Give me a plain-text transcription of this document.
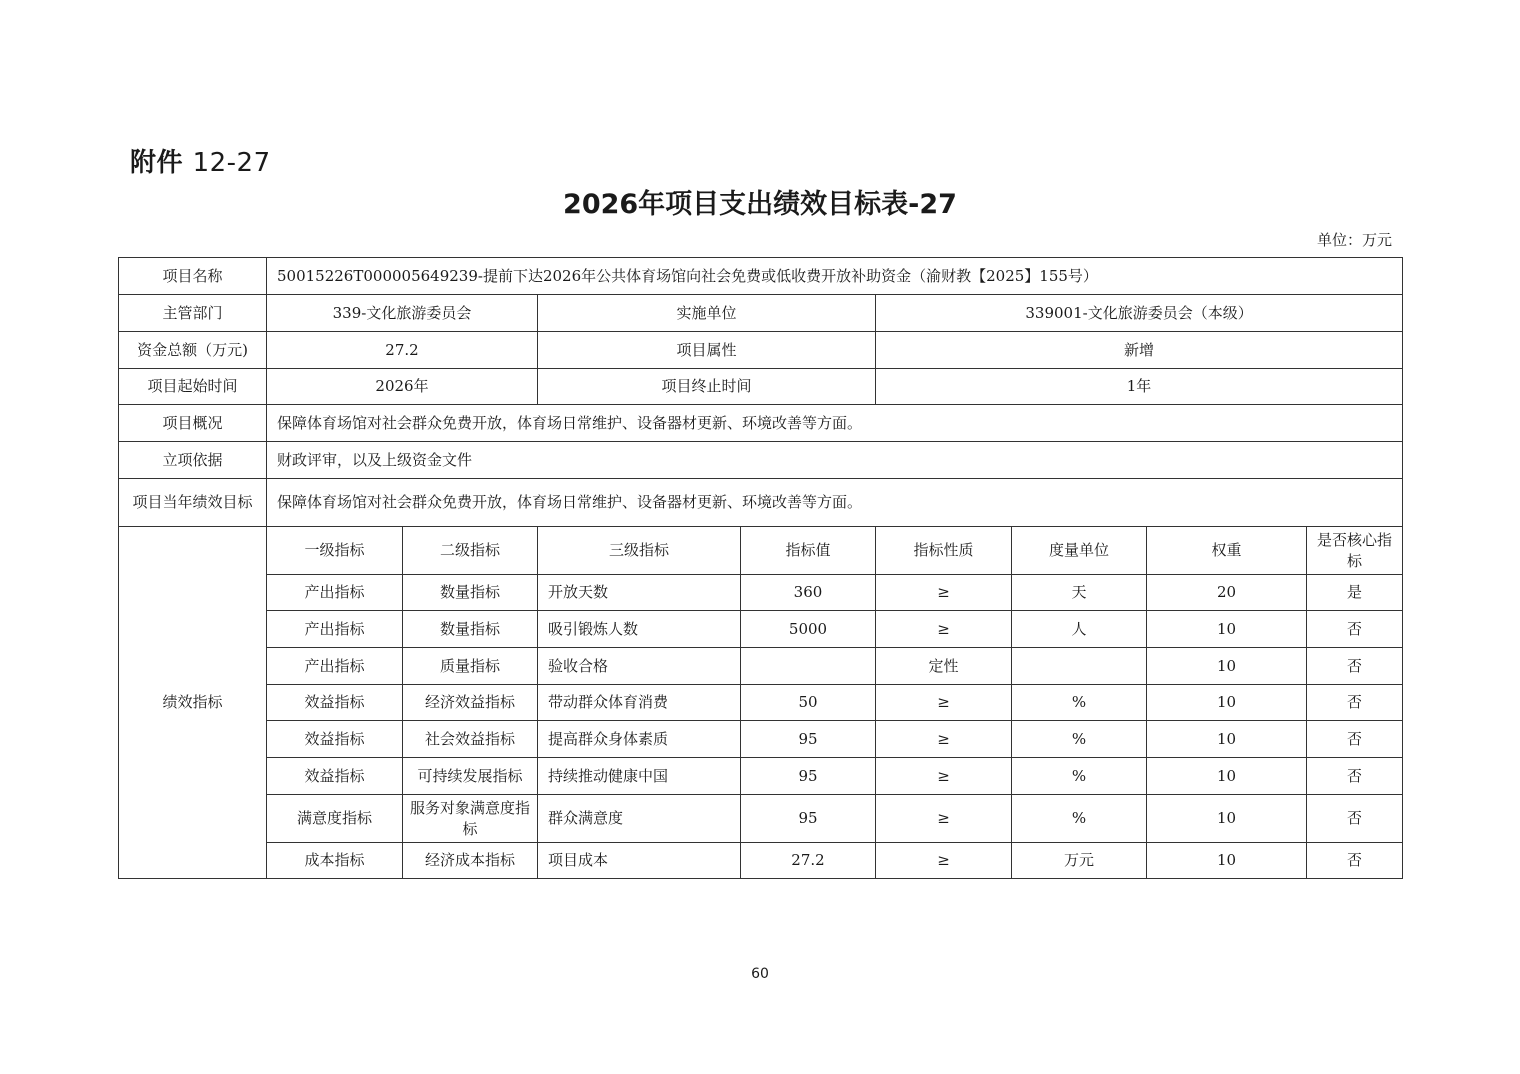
附件 12-27
2026年项目支出绩效目标表-27
单位：万元
项目名称	50015226T000005649239-提前下达2026年公共体育场馆向社会免费或低收费开放补助资金（渝财教【2025】155号）							
主管部门	339-文化旅游委员会		实施单位		339001-文化旅游委员会（本级）			
资金总额（万元)	27.2		项目属性		新增			
项目起始时间	2026年		项目终止时间		1年			
项目概况	保障体育场馆对社会群众免费开放，体育场日常维护、设备器材更新、环境改善等方面。							
立项依据	财政评审，以及上级资金文件							
项目当年绩效目标	保障体育场馆对社会群众免费开放，体育场日常维护、设备器材更新、环境改善等方面。							
绩效指标	一级指标	二级指标	三级指标	指标值	指标性质	度量单位	权重	是否核心指标
	产出指标	数量指标	开放天数	360	≥	天	20	是
	产出指标	数量指标	吸引锻炼人数	5000	≥	人	10	否
	产出指标	质量指标	验收合格		定性		10	否
	效益指标	经济效益指标	带动群众体育消费	50	≥	%	10	否
	效益指标	社会效益指标	提高群众身体素质	95	≥	%	10	否
	效益指标	可持续发展指标	持续推动健康中国	95	≥	%	10	否
	满意度指标	服务对象满意度指标	群众满意度	95	≥	%	10	否
	成本指标	经济成本指标	项目成本	27.2	≥	万元	10	否
60
